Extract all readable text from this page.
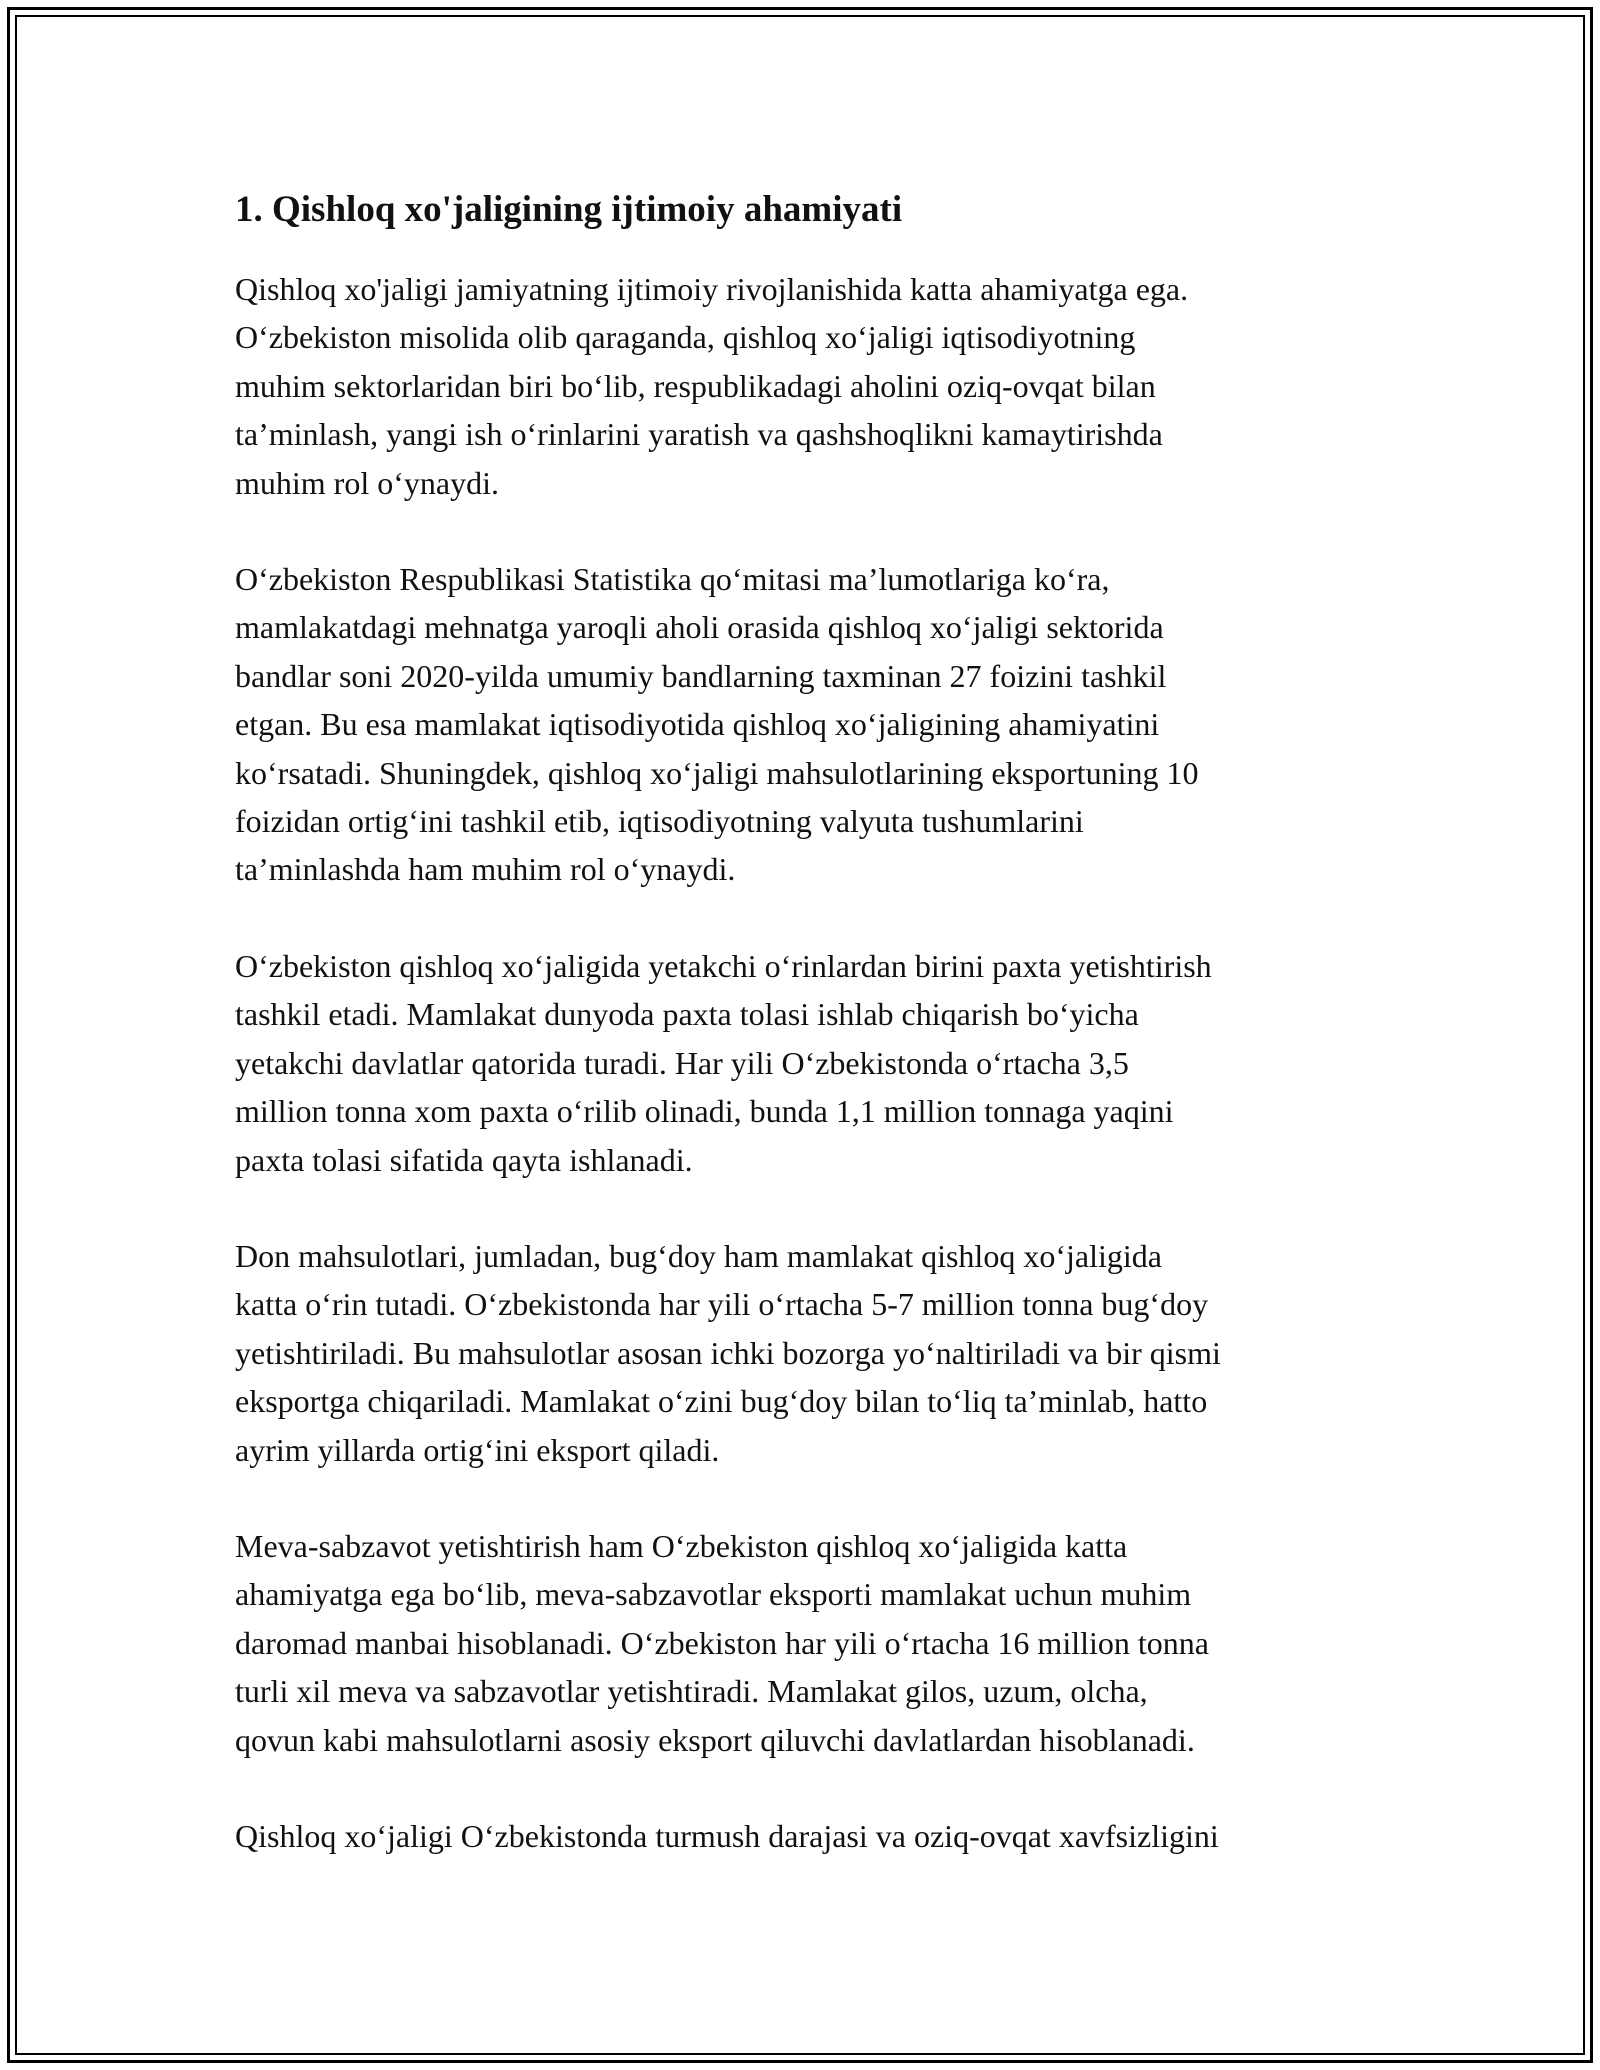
1. Qishloq xo'jaligining ijtimoiy ahamiyati

Qishloq xo'jaligi jamiyatning ijtimoiy rivojlanishida katta ahamiyatga ega.
Oʻzbekiston misolida olib qaraganda, qishloq xoʻjaligi iqtisodiyotning
muhim sektorlaridan biri boʻlib, respublikadagi aholini oziq-ovqat bilan
taʼminlash, yangi ish oʻrinlarini yaratish va qashshoqlikni kamaytirishda
muhim rol oʻynaydi.

Oʻzbekiston Respublikasi Statistika qoʻmitasi maʼlumotlariga koʻra,
mamlakatdagi mehnatga yaroqli aholi orasida qishloq xoʻjaligi sektorida
bandlar soni 2020-yilda umumiy bandlarning taxminan 27 foizini tashkil
etgan. Bu esa mamlakat iqtisodiyotida qishloq xoʻjaligining ahamiyatini
koʻrsatadi. Shuningdek, qishloq xoʻjaligi mahsulotlarining eksportuning 10
foizidan ortigʻini tashkil etib, iqtisodiyotning valyuta tushumlarini
taʼminlashda ham muhim rol oʻynaydi.

Oʻzbekiston qishloq xoʻjaligida yetakchi oʻrinlardan birini paxta yetishtirish
tashkil etadi. Mamlakat dunyoda paxta tolasi ishlab chiqarish boʻyicha
yetakchi davlatlar qatorida turadi. Har yili Oʻzbekistonda oʻrtacha 3,5
million tonna xom paxta oʻrilib olinadi, bunda 1,1 million tonnaga yaqini
paxta tolasi sifatida qayta ishlanadi.

Don mahsulotlari, jumladan, bugʻdoy ham mamlakat qishloq xoʻjaligida
katta oʻrin tutadi. Oʻzbekistonda har yili oʻrtacha 5-7 million tonna bugʻdoy
yetishtiriladi. Bu mahsulotlar asosan ichki bozorga yoʻnaltiriladi va bir qismi
eksportga chiqariladi. Mamlakat oʻzini bugʻdoy bilan toʻliq taʼminlab, hatto
ayrim yillarda ortigʻini eksport qiladi.

Meva-sabzavot yetishtirish ham Oʻzbekiston qishloq xoʻjaligida katta
ahamiyatga ega boʻlib, meva-sabzavotlar eksporti mamlakat uchun muhim
daromad manbai hisoblanadi. Oʻzbekiston har yili oʻrtacha 16 million tonna
turli xil meva va sabzavotlar yetishtiradi. Mamlakat gilos, uzum, olcha,
qovun kabi mahsulotlarni asosiy eksport qiluvchi davlatlardan hisoblanadi.

Qishloq xoʻjaligi Oʻzbekistonda turmush darajasi va oziq-ovqat xavfsizligini
